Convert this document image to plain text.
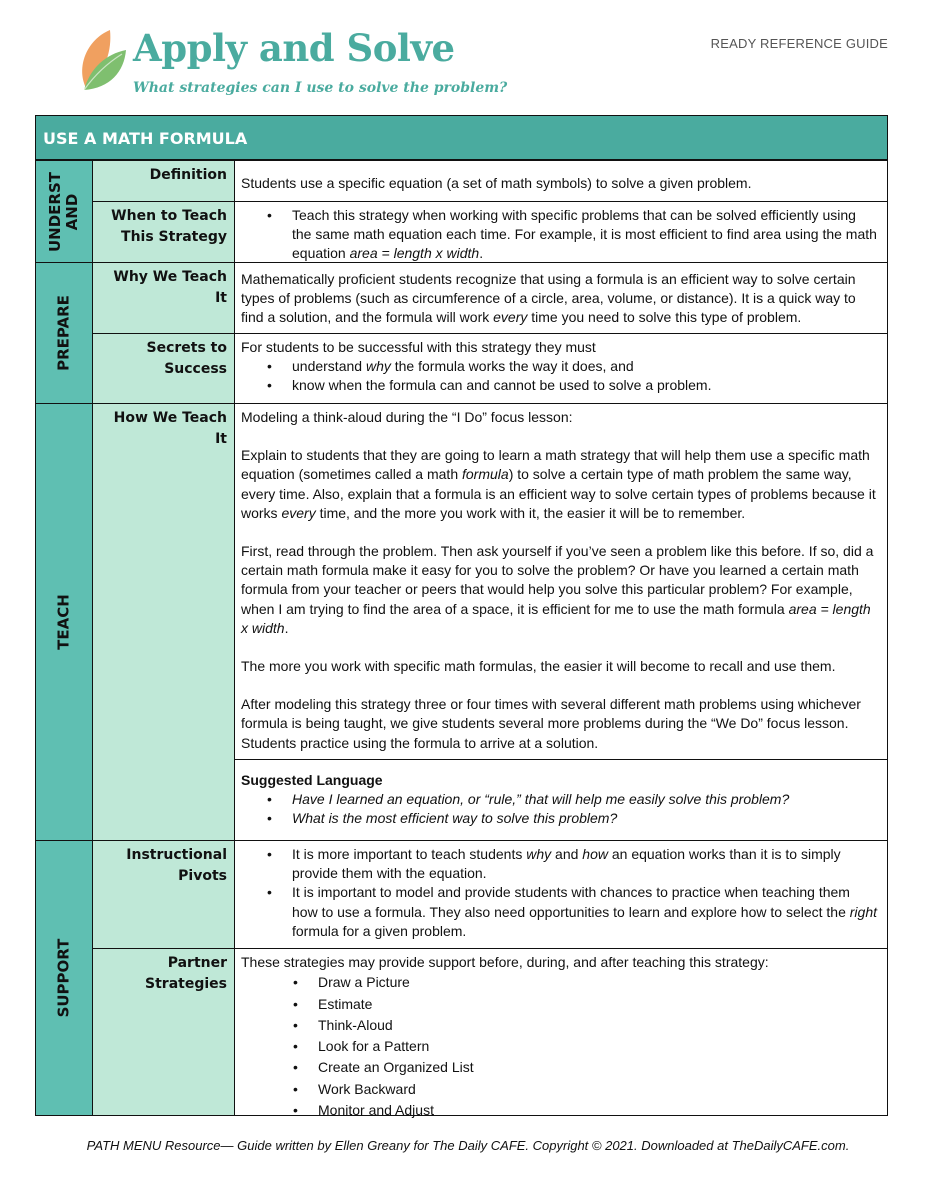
Apply and Solve
What strategies can I use to solve the problem?
READY REFERENCE GUIDE
USE A MATH FORMULA
UNDERST
AND
PREPARE
TEACH
SUPPORT
Definition
When to Teach This Strategy
Why We Teach It
Secrets to Success
How We Teach It
Instructional Pivots
Partner Strategies

Students use a specific equation (a set of math symbols) to solve a given problem.

• Teach this strategy when working with specific problems that can be solved efficiently using the same math equation each time. For example, it is most efficient to find area using the math equation area = length x width.

Mathematically proficient students recognize that using a formula is an efficient way to solve certain types of problems (such as circumference of a circle, area, volume, or distance). It is a quick way to find a solution, and the formula will work every time you need to solve this type of problem.

For students to be successful with this strategy they must

• understand why the formula works the way it does, and
• know when the formula can and cannot be used to solve a problem.

Modeling a think-aloud during the “I Do” focus lesson:

Explain to students that they are going to learn a math strategy that will help them use a specific math equation (sometimes called a math formula) to solve a certain type of math problem the same way, every time. Also, explain that a formula is an efficient way to solve certain types of problems because it works every time, and the more you work with it, the easier it will be to remember.

First, read through the problem. Then ask yourself if you’ve seen a problem like this before. If so, did a certain math formula make it easy for you to solve the problem? Or have you learned a certain math formula from your teacher or peers that would help you solve this particular problem? For example, when I am trying to find the area of a space, it is efficient for me to use the math formula area = length x width.

The more you work with specific math formulas, the easier it will become to recall and use them.

After modeling this strategy three or four times with several different math problems using whichever formula is being taught, we give students several more problems during the “We Do” focus lesson. Students practice using the formula to arrive at a solution.

Suggested Language

• Have I learned an equation, or “rule,” that will help me easily solve this problem?
• What is the most efficient way to solve this problem?
• It is more important to teach students why and how an equation works than it is to simply provide them with the equation.
• It is important to model and provide students with chances to practice when teaching them how to use a formula. They also need opportunities to learn and explore how to select the right formula for a given problem.

These strategies may provide support before, during, and after teaching this strategy:

• Draw a Picture
• Estimate
• Think-Aloud
• Look for a Pattern
• Create an Organized List
• Work Backward
• Monitor and Adjust
PATH MENU Resource— Guide written by Ellen Greany for The Daily CAFE. Copyright © 2021. Downloaded at TheDailyCAFE.com.
